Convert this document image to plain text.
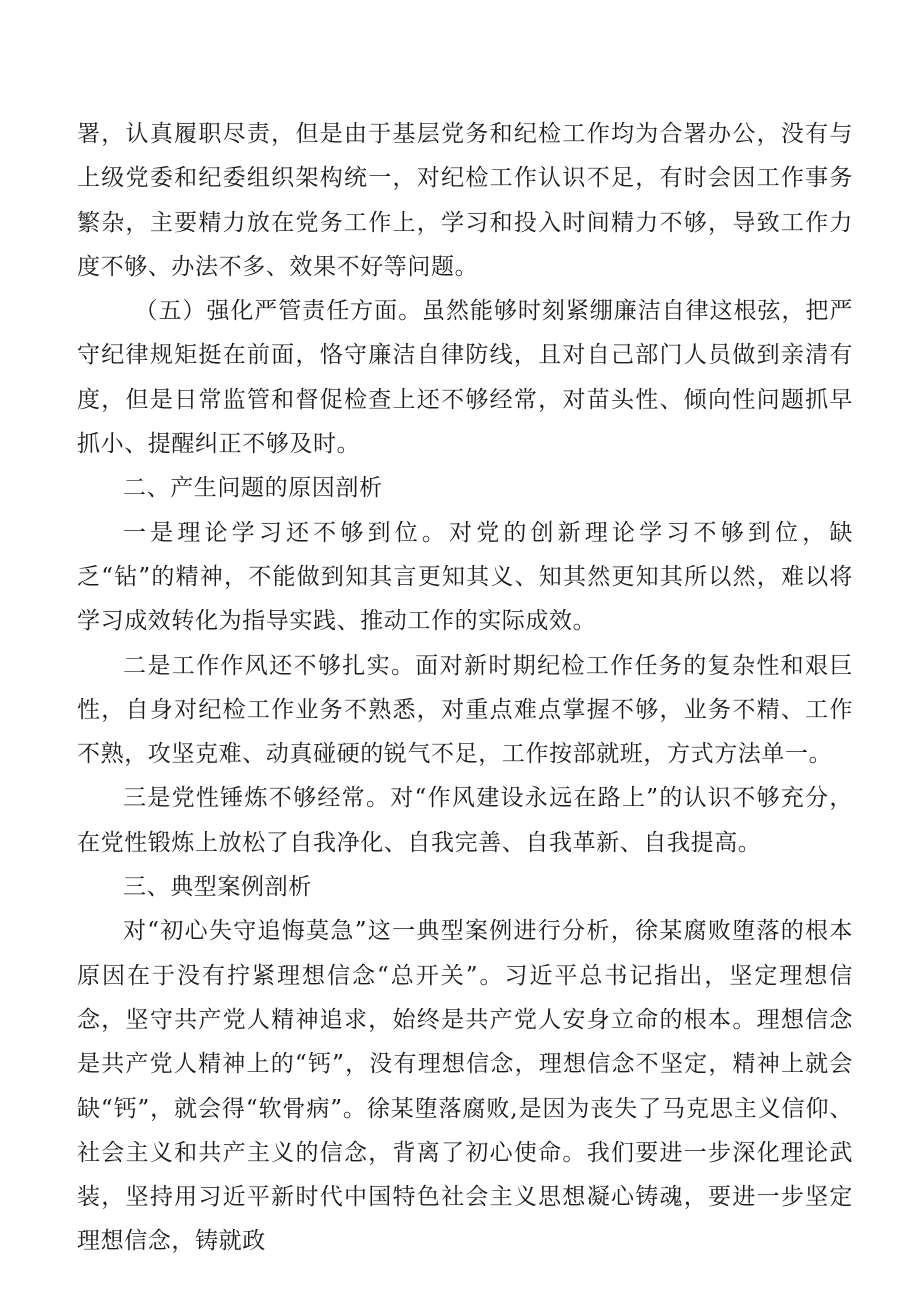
署，认真履职尽责，但是由于基层党务和纪检工作均为合署办公，没有与上级党委和纪委组织架构统一，对纪检工作认识不足，有时会因工作事务繁杂，主要精力放在党务工作上，学习和投入时间精力不够，导致工作力度不够、办法不多、效果不好等问题。

（五）强化严管责任方面。虽然能够时刻紧绷廉洁自律这根弦，把严守纪律规矩挺在前面，恪守廉洁自律防线，且对自己部门人员做到亲清有度，但是日常监管和督促检查上还不够经常，对苗头性、倾向性问题抓早抓小、提醒纠正不够及时。

二、产生问题的原因剖析

一是理论学习还不够到位。对党的创新理论学习不够到位，缺乏“钻”的精神，不能做到知其言更知其义、知其然更知其所以然，难以将学习成效转化为指导实践、推动工作的实际成效。

二是工作作风还不够扎实。面对新时期纪检工作任务的复杂性和艰巨性，自身对纪检工作业务不熟悉，对重点难点掌握不够，业务不精、工作不熟，攻坚克难、动真碰硬的锐气不足，工作按部就班，方式方法单一。

三是党性锤炼不够经常。对“作风建设永远在路上”的认识不够充分，在党性锻炼上放松了自我净化、自我完善、自我革新、自我提高。

三、典型案例剖析

对“初心失守追悔莫急”这一典型案例进行分析，徐某腐败堕落的根本原因在于没有拧紧理想信念“总开关”。习近平总书记指出，坚定理想信念，坚守共产党人精神追求，始终是共产党人安身立命的根本。理想信念是共产党人精神上的“钙”，没有理想信念，理想信念不坚定，精神上就会缺“钙”，就会得“软骨病”。徐某堕落腐败,是因为丧失了马克思主义信仰、社会主义和共产主义的信念，背离了初心使命。我们要进一步深化理论武装，坚持用习近平新时代中国特色社会主义思想凝心铸魂，要进一步坚定理想信念，铸就政
